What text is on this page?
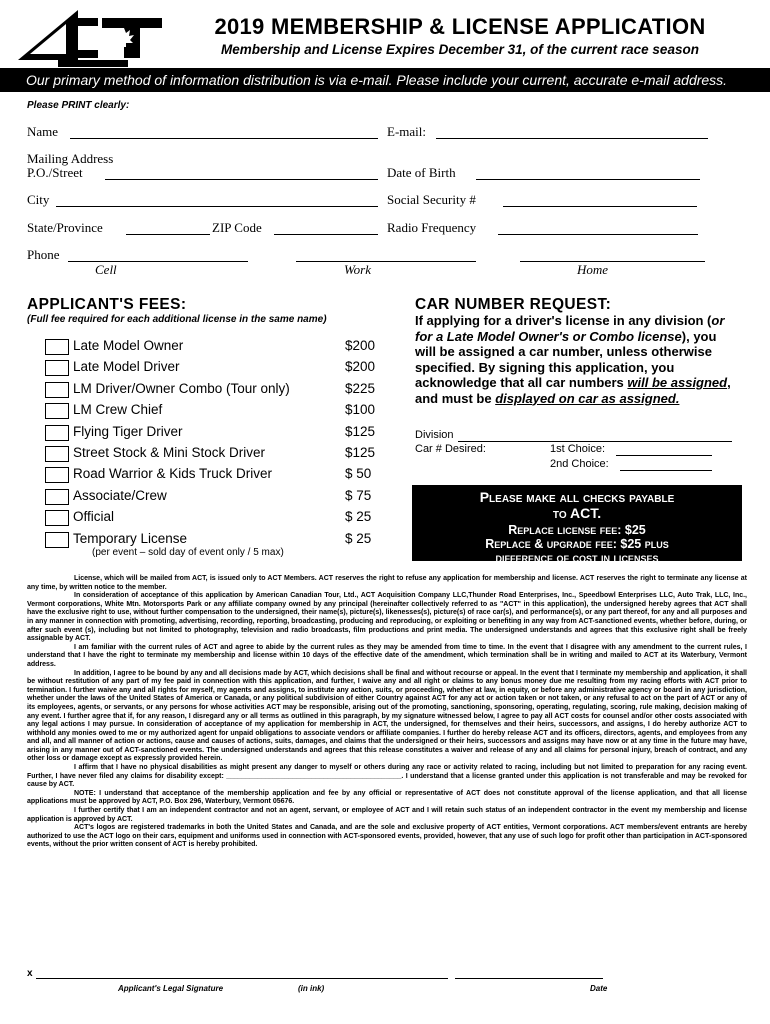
2019 MEMBERSHIP & LICENSE APPLICATION
Membership and License Expires December 31, of the current race season
Our primary method of information distribution is via e-mail. Please include your current, accurate e-mail address.
Please PRINT clearly:
Name	E-mail:
Mailing Address
P.O./Street	Date of Birth
City	Social Security #
State/Province	ZIP Code	Radio Frequency
Phone
Cell	Work	Home
APPLICANT'S FEES:
(Full fee required for each additional license in the same name)
Late Model Owner	$200
Late Model Driver	$200
LM Driver/Owner Combo (Tour only)	$225
LM Crew Chief	$100
Flying Tiger Driver	$125
Street Stock & Mini Stock Driver	$125
Road Warrior & Kids Truck Driver	$ 50
Associate/Crew	$ 75
Official	$ 25
Temporary License	$ 25
(per event – sold day of event only / 5 max)
CAR NUMBER REQUEST:
If applying for a driver's license in any division (or for a Late Model Owner's or Combo license), you will be assigned a car number, unless otherwise specified. By signing this application, you acknowledge that all car numbers will be assigned, and must be displayed on car as assigned.
Division
Car # Desired:	1st Choice:
2nd Choice:
Please make all checks payable
to ACT.
Replace license fee: $25
Replace & upgrade fee: $25 plus
difference of cost in licenses

License, which will be mailed from ACT, is issued only to ACT Members. ACT reserves the right to refuse any application for membership and license. ACT reserves the right to terminate any license at any time, by written notice to the member.

In consideration of acceptance of this application by American Canadian Tour, Ltd., ACT Acquisition Company LLC,Thunder Road Enterprises, Inc., Speedbowl Enterprises LLC, Auto Trak, LLC, Inc., Vermont corporations, White Mtn. Motorsports Park or any affiliate company owned by any principal (hereinafter collectively referred to as "ACT" in this application), the undersigned hereby agrees that ACT shall have the exclusive right to use, without further compensation to the undersigned, their name(s), picture(s), likenesses(s), picture(s) of race car(s), and performance(s), or any part thereof, for any and all purposes and in any manner in connection with promoting, advertising, recording, reporting, broadcasting, producing and reproducing, or exploiting or benefiting in any way from ACT-sanctioned events, whether before, during, or after such event (s), including but not limited to photography, television and radio broadcasts, film productions and print media. The undersigned understands and agrees that this exclusive right shall be freely assignable by ACT.

I am familiar with the current rules of ACT and agree to abide by the current rules as they may be amended from time to time. In the event that I disagree with any amendment to the current rules, I understand that I have the right to terminate my membership and license within 10 days of the effective date of the amendment, which termination shall be in writing and mailed to ACT at its Waterbury, Vermont address.

In addition, I agree to be bound by any and all decisions made by ACT, which decisions shall be final and without recourse or appeal. In the event that I terminate my membership and application, it shall be without restitution of any part of my fee paid in connection with this application, and further, I waive any and all right or claims to any bonus money due me resulting from my racing efforts with ACT prior to termination. I further waive any and all rights for myself, my agents and assigns, to institute any action, suits, or proceeding, whether at law, in equity, or before any administrative agency or board in any jurisdiction, whether under the laws of the United States of America or Canada, or any political subdivision of either Country against ACT for any act or action taken or not taken, or any refusal to act on the part of ACT or any of its employees, agents, or servants, or any persons for whose activities ACT may be responsible, arising out of the promoting, sanctioning, sponsoring, operating, regulating, scoring, rule making, decision making of any event. I further agree that if, for any reason, I disregard any or all terms as outlined in this paragraph, by my signature witnessed below, I agree to pay all ACT costs for counsel and/or other costs associated with any legal actions I may pursue. In consideration of acceptance of my application for membership in ACT, the undersigned, for themselves and their heirs, successors, and assigns, I do hereby authorize ACT to withhold any monies owed to me or my authorized agent for unpaid obligations to associate vendors or affiliate companies. I further do hereby release ACT and its officers, directors, agents, and employees from any and all, and all manner of action or actions, cause and causes of actions, suits, damages, and claims that the undersigned or their heirs, successors and assigns may have now or at any time in the future may have, arising in any manner out of ACT-sanctioned events. The undersigned understands and agrees that this release constitutes a waiver and release of any and all claims for personal injury, breach of contract, and any other loss or damage except as expressly provided herein.

I affirm that I have no physical disabilities as might present any danger to myself or others during any race or activity related to racing, including but not limited to preparation for any racing event. Further, I have never filed any claims for disability except: _____________________________________________. I understand that a license granted under this application is not transferable and may be revoked for cause by ACT.

NOTE: I understand that acceptance of the membership application and fee by any official or representative of ACT does not constitute approval of the license application, and that all license applications must be approved by ACT, P.O. Box 296, Waterbury, Vermont 05676.

I further certify that I am an independent contractor and not an agent, servant, or employee of ACT and I will retain such status of an independent contractor in the event my membership and license application is approved by ACT.

ACT's logos are registered trademarks in both the United States and Canada, and are the sole and exclusive property of ACT entities, Vermont corporations. ACT members/event entrants are hereby authorized to use the ACT logo on their cars, equipment and uniforms used in connection with ACT-sponsored events, provided, however, that any use of such logo for profit other than participation in ACT-sponsored events, without the prior written consent of ACT is hereby prohibited.

x
Applicant's Legal Signature	(in ink)	Date
